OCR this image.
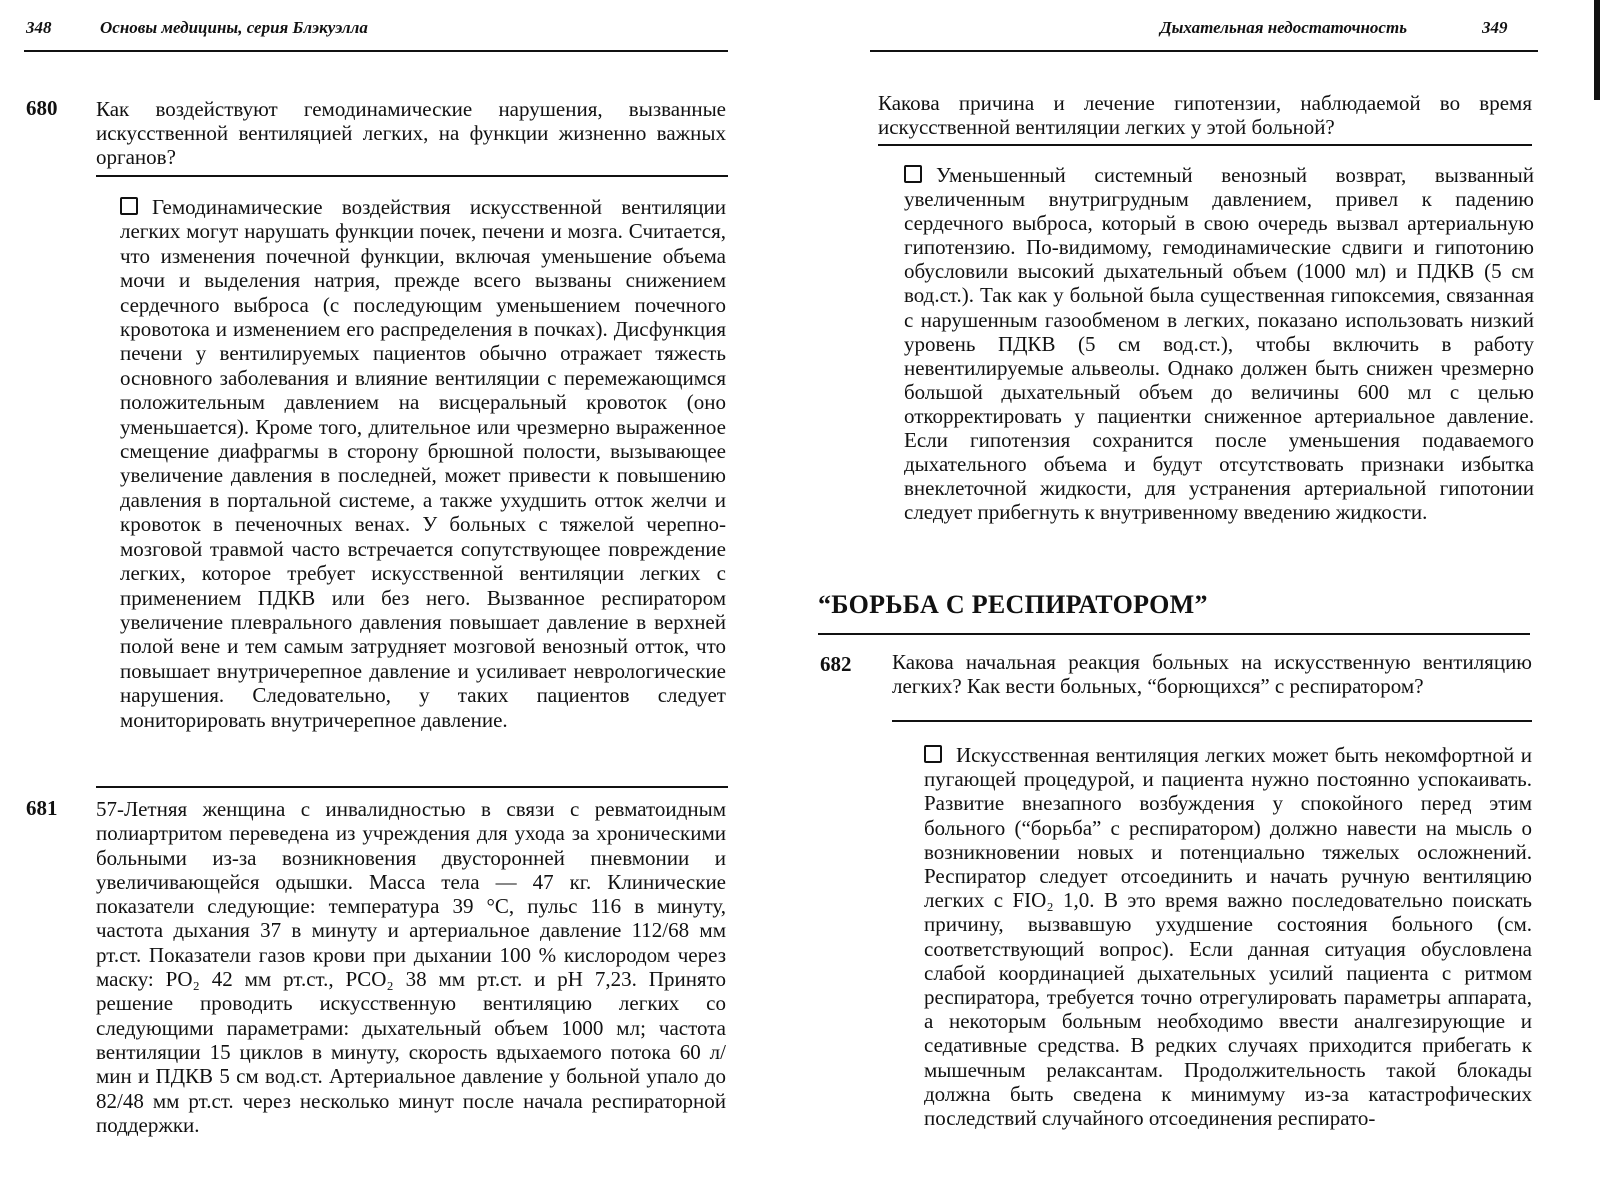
348	Основы медицины, серия Блэкуэлла
680 Как воздействуют гемодинамические нарушения, вызванные искусственной вентиляцией легких, на функции жизненно важных органов?

Гемодинамические воздействия искусственной вентиляции легких могут нарушать функции почек, печени и мозга. Считается, что изменения почечной функции, включая уменьшение объема мочи и выделения натрия, прежде всего вызваны снижением сердечного выброса (с последующим уменьшением почечного кровотока и изменением его распределения в почках). Дисфункция печени у вентилируемых пациентов обычно отражает тяжесть основного заболевания и влияние вентиляции с перемежающимся положительным давлением на висцеральный кровоток (оно уменьшается). Кроме того, длительное или чрезмерно выраженное смещение диафрагмы в сторону брюшной полости, вызывающее увеличение давления в последней, может привести к повышению давления в портальной системе, а также ухудшить отток желчи и кровоток в печеночных венах. У больных с тяжелой черепно-мозговой травмой часто встречается сопутствующее повреждение легких, которое требует искусственной вентиляции легких с применением ПДКВ или без него. Вызванное респиратором увеличение плеврального давления повышает давление в верхней полой вене и тем самым затрудняет мозговой венозный отток, что повышает внутричерепное давление и усиливает неврологические нарушения. Следовательно, у таких пациентов следует мониторировать внутричерепное давление.

681 57-Летняя женщина с инвалидностью в связи с ревматоидным полиартритом переведена из учреждения для ухода за хроническими больными из-за возникновения двусторонней пневмонии и увеличивающейся одышки. Масса тела — 47 кг. Клинические показатели следующие: температура 39 °С, пульс 116 в минуту, частота дыхания 37 в минуту и артериальное давление 112/68 мм рт.ст. Показатели газов крови при дыхании 100 % кислородом через маску: PO₂ 42 мм рт.ст., PCO₂ 38 мм рт.ст. и pH 7,23. Принято решение проводить искусственную вентиляцию легких со следующими параметрами: дыхательный объем 1000 мл; частота вентиляции 15 циклов в минуту, скорость вдыхаемого потока 60 л/мин и ПДКВ 5 см вод.ст. Артериальное давление у больной упало до 82/48 мм рт.ст. через несколько минут после начала респираторной поддержки.

Дыхательная недостаточность	349

Какова причина и лечение гипотензии, наблюдаемой во время искусственной вентиляции легких у этой больной?

Уменьшенный системный венозный возврат, вызванный увеличенным внутригрудным давлением, привел к падению сердечного выброса, который в свою очередь вызвал артериальную гипотензию. По-видимому, гемодинамические сдвиги и гипотонию обусловили высокий дыхательный объем (1000 мл) и ПДКВ (5 см вод.ст.). Так как у больной была существенная гипоксемия, связанная с нарушенным газообменом в легких, показано использовать низкий уровень ПДКВ (5 см вод.ст.), чтобы включить в работу невентилируемые альвеолы. Однако должен быть снижен чрезмерно большой дыхательный объем до величины 600 мл с целью откорректировать у пациентки сниженное артериальное давление. Если гипотензия сохранится после уменьшения подаваемого дыхательного объема и будут отсутствовать признаки избытка внеклеточной жидкости, для устранения артериальной гипотонии следует прибегнуть к внутривенному введению жидкости.

“БОРЬБА С РЕСПИРАТОРОМ”
682 Какова начальная реакция больных на искусственную вентиляцию легких? Как вести больных, “борющихся” с респиратором?

Искусственная вентиляция легких может быть некомфортной и пугающей процедурой, и пациента нужно постоянно успокаивать. Развитие внезапного возбуждения у спокойного перед этим больного (“борьба” с респиратором) должно навести на мысль о возникновении новых и потенциально тяжелых осложнений. Респиратор следует отсоединить и начать ручную вентиляцию легких с FIO₂ 1,0. В это время важно последовательно поискать причину, вызвавшую ухудшение состояния больного (см. соответствующий вопрос). Если данная ситуация обусловлена слабой координацией дыхательных усилий пациента с ритмом респиратора, требуется точно отрегулировать параметры аппарата, а некоторым больным необходимо ввести аналгезирующие и седативные средства. В редких случаях приходится прибегать к мышечным релаксантам. Продолжительность такой блокады должна быть сведена к минимуму из-за катастрофических последствий случайного отсоединения респирато-
